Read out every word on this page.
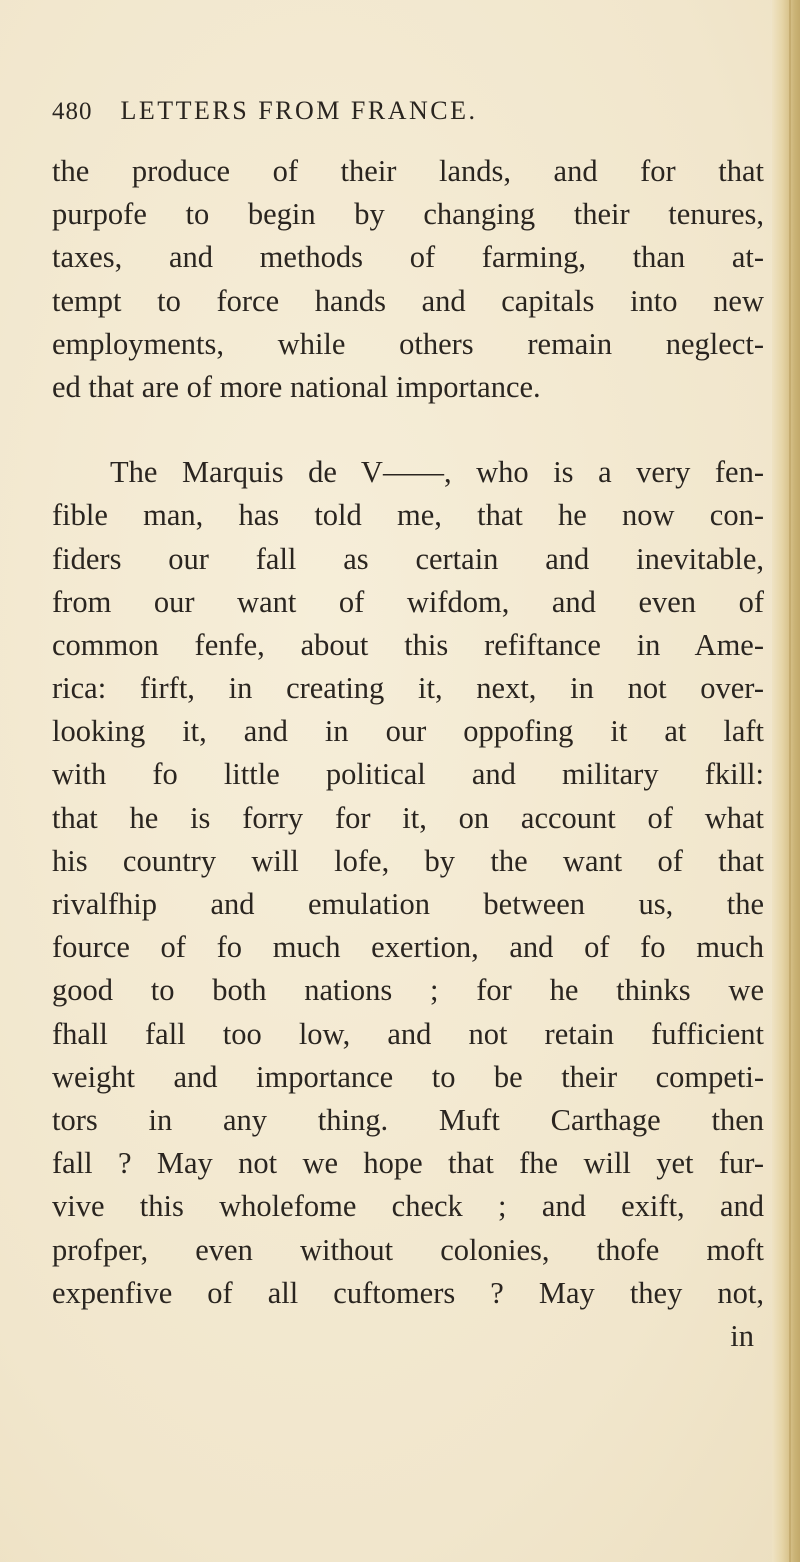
480 LETTERS FROM FRANCE.
the produce of their lands, and for that
purpofe to begin by changing their tenures,
taxes, and methods of farming, than at-
tempt to force hands and capitals into new
employments, while others remain neglect-
ed that are of more national importance.
The Marquis de V——, who is a very fen-
fible man, has told me, that he now con-
fiders our fall as certain and inevitable,
from our want of wifdom, and even of
common fenfe, about this refiftance in Ame-
rica: firft, in creating it, next, in not over-
looking it, and in our oppofing it at laft
with fo little political and military fkill:
that he is forry for it, on account of what
his country will lofe, by the want of that
rivalfhip and emulation between us, the
fource of fo much exertion, and of fo much
good to both nations ; for he thinks we
fhall fall too low, and not retain fufficient
weight and importance to be their competi-
tors in any thing. Muft Carthage then
fall ? May not we hope that fhe will yet fur-
vive this wholefome check ; and exift, and
profper, even without colonies, thofe moft
expenfive of all cuftomers ? May they not,
in
